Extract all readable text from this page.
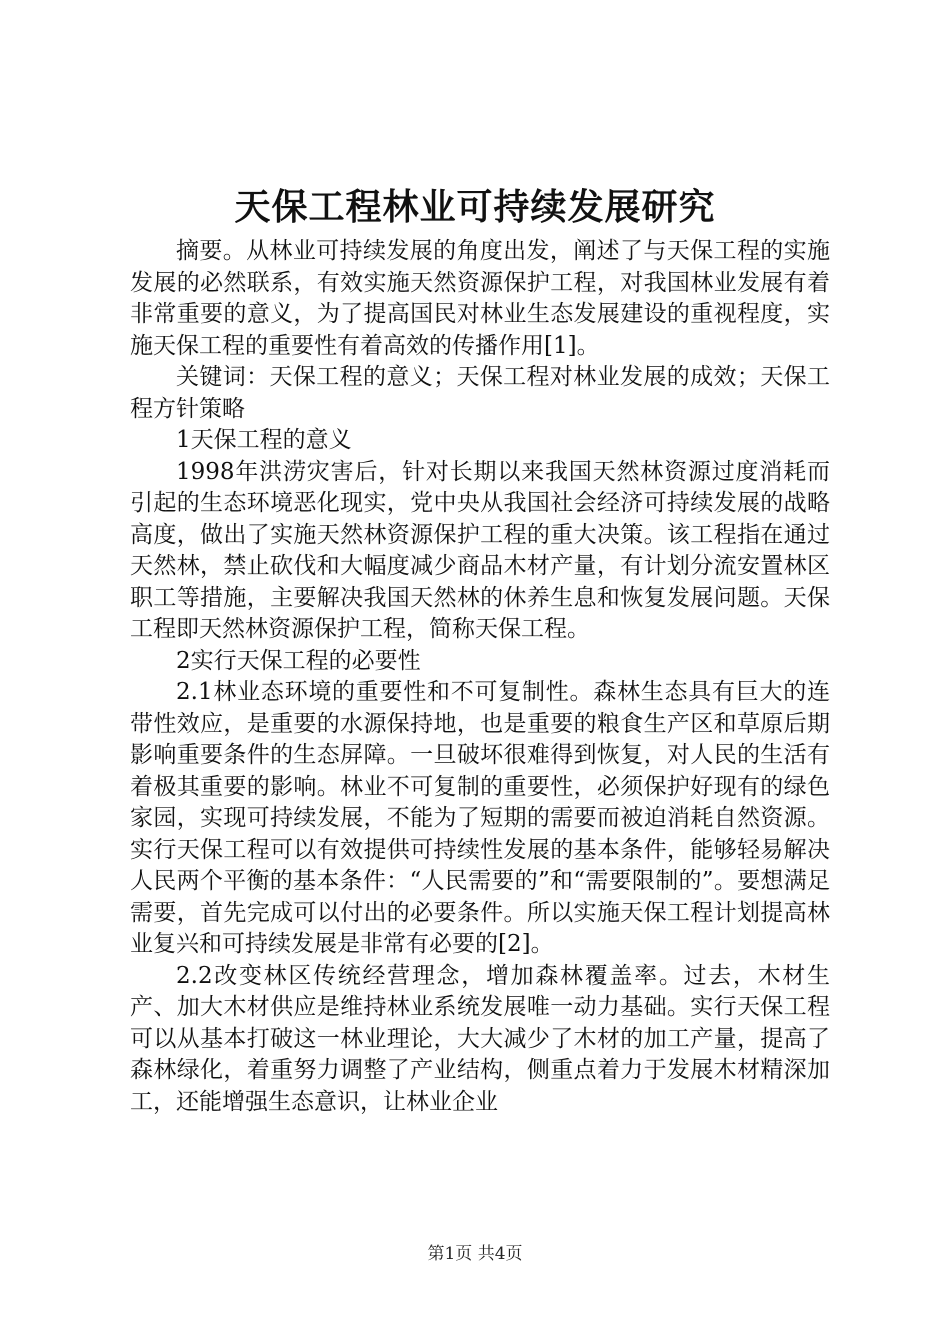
天保工程林业可持续发展研究

摘要。从林业可持续发展的角度出发，阐述了与天保工程的实施发展的必然联系，有效实施天然资源保护工程，对我国林业发展有着非常重要的意义，为了提高国民对林业生态发展建设的重视程度，实施天保工程的重要性有着高效的传播作用[1]。

关键词：天保工程的意义；天保工程对林业发展的成效；天保工程方针策略

1天保工程的意义

1998年洪涝灾害后，针对长期以来我国天然林资源过度消耗而引起的生态环境恶化现实，党中央从我国社会经济可持续发展的战略高度，做出了实施天然林资源保护工程的重大决策。该工程指在通过天然林，禁止砍伐和大幅度减少商品木材产量，有计划分流安置林区职工等措施，主要解决我国天然林的休养生息和恢复发展问题。天保工程即天然林资源保护工程，简称天保工程。

2实行天保工程的必要性

2.1林业态环境的重要性和不可复制性。森林生态具有巨大的连带性效应，是重要的水源保持地，也是重要的粮食生产区和草原后期影响重要条件的生态屏障。一旦破坏很难得到恢复，对人民的生活有着极其重要的影响。林业不可复制的重要性，必须保护好现有的绿色家园，实现可持续发展，不能为了短期的需要而被迫消耗自然资源。实行天保工程可以有效提供可持续性发展的基本条件，能够轻易解决人民两个平衡的基本条件：“人民需要的”和“需要限制的”。要想满足需要，首先完成可以付出的必要条件。所以实施天保工程计划提高林业复兴和可持续发展是非常有必要的[2]。

2.2改变林区传统经营理念，增加森林覆盖率。过去，木材生产、加大木材供应是维持林业系统发展唯一动力基础。实行天保工程可以从基本打破这一林业理论，大大减少了木材的加工产量，提高了森林绿化，着重努力调整了产业结构，侧重点着力于发展木材精深加工，还能增强生态意识，让林业企业

第1页 共4页
